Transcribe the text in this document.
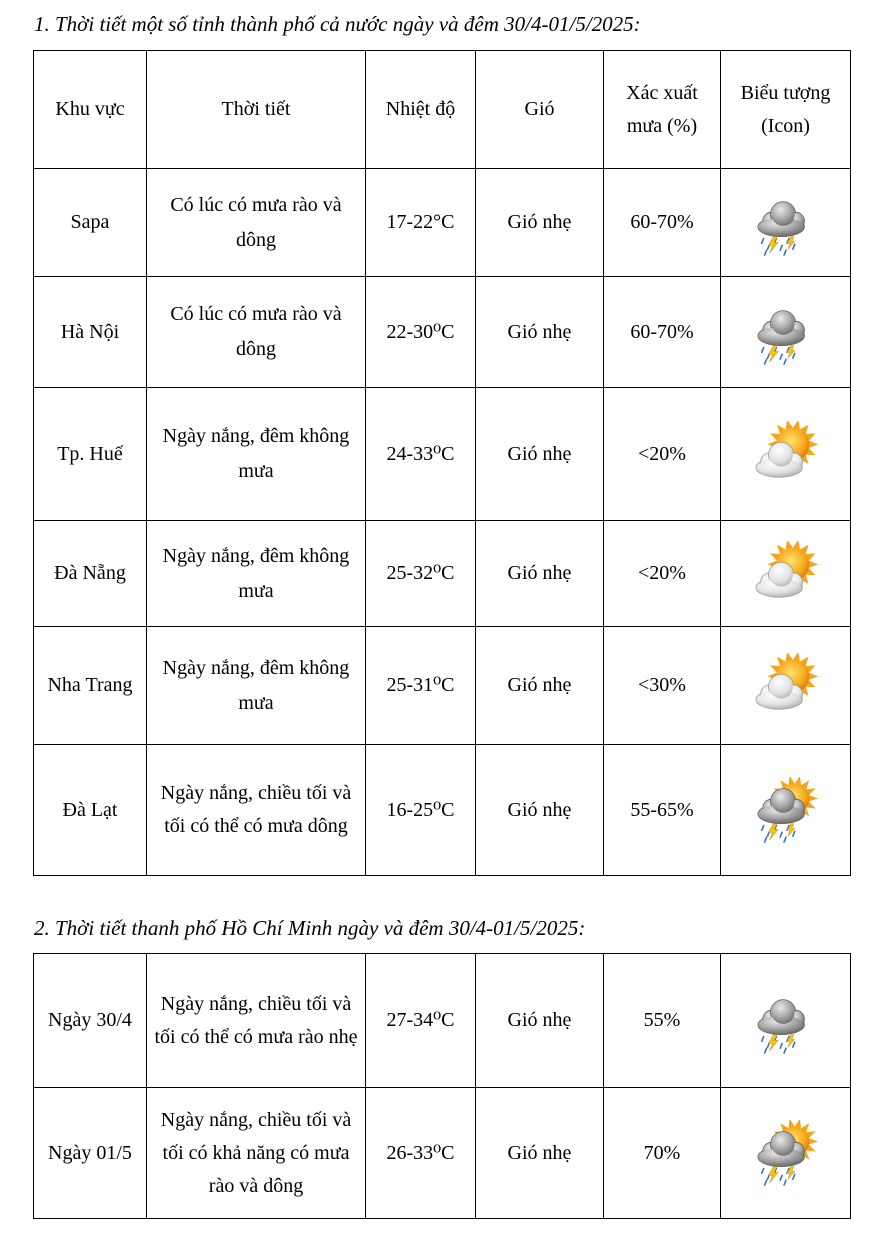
1. Thời tiết một số tỉnh thành phố cả nước ngày và đêm 30/4-01/5/2025:
Khu vực	Thời tiết	Nhiệt độ	Gió	Xác xuất mưa (%)	Biểu tượng (Icon)
Sapa	Có lúc có mưa rào và dông	17-22°C	Gió nhẹ	60-70%	

Hà Nội	Có lúc có mưa rào và dông	22-30⁰C	Gió nhẹ	60-70%	

Tp. Huế	Ngày nắng, đêm không mưa	24-33⁰C	Gió nhẹ	<20%	

Đà Nẵng	Ngày nắng, đêm không mưa	25-32⁰C	Gió nhẹ	<20%	

Nha Trang	Ngày nắng, đêm không mưa	25-31⁰C	Gió nhẹ	<30%	

Đà Lạt	Ngày nắng, chiều tối và tối có thể có mưa dông	16-25⁰C	Gió nhẹ	55-65%	
2. Thời tiết thanh phố Hồ Chí Minh ngày và đêm 30/4-01/5/2025:
Ngày 30/4	Ngày nắng, chiều tối và tối có thể có mưa rào nhẹ	27-34⁰C	Gió nhẹ	55%	

Ngày 01/5	Ngày nắng, chiều tối và tối có khả năng có mưa rào và dông	26-33⁰C	Gió nhẹ	70%	
